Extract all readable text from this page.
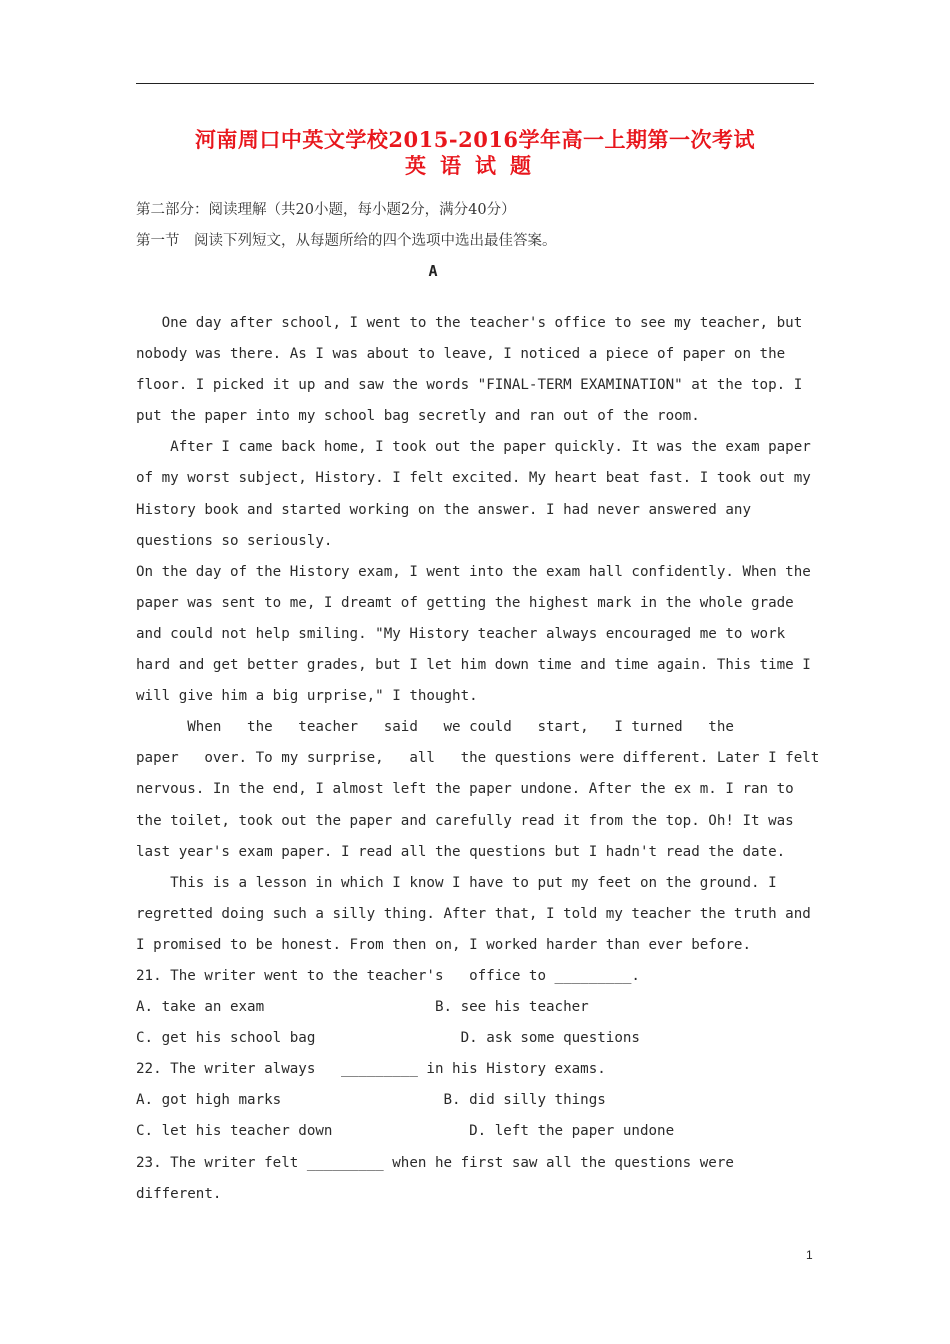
河南周口中英文学校2015-2016学年高一上期第一次考试
英语试题
第二部分：阅读理解（共20小题，每小题2分，满分40分）
第一节　阅读下列短文，从每题所给的四个选项中选出最佳答案。
A
One day after school, I went to the teacher's office to see my teacher, but
nobody was there. As I was about to leave, I noticed a piece of paper on the
floor. I picked it up and saw the words "FINAL-TERM EXAMINATION" at the top. I
put the paper into my school bag secretly and ran out of the room.
After I came back home, I took out the paper quickly. It was the exam paper
of my worst subject, History. I felt excited. My heart beat fast. I took out my
History book and started working on the answer. I had never answered any
questions so seriously.
On the day of the History exam, I went into the exam hall confidently. When the
paper was sent to me, I dreamt of getting the highest mark in the whole grade
and could not help smiling. "My History teacher always encouraged me to work
hard and get better grades, but I let him down time and time again. This time I
will give him a big urprise," I thought.
When   the   teacher   said   we could   start,   I turned   the
paper   over. To my surprise,   all   the questions were different. Later I felt
nervous. In the end, I almost left the paper undone. After the ex m. I ran to
the toilet, took out the paper and carefully read it from the top. Oh! It was
last year's exam paper. I read all the questions but I hadn't read the date.
This is a lesson in which I know I have to put my feet on the ground. I
regretted doing such a silly thing. After that, I told my teacher the truth and
I promised to be honest. From then on, I worked harder than ever before.
21. The writer went to the teacher's   office to _________.
A. take an exam                    B. see his teacher
C. get his school bag                 D. ask some questions
22. The writer always   _________ in his History exams.
A. got high marks                   B. did silly things
C. let his teacher down                D. left the paper undone
23. The writer felt _________ when he first saw all the questions were
different.
1
